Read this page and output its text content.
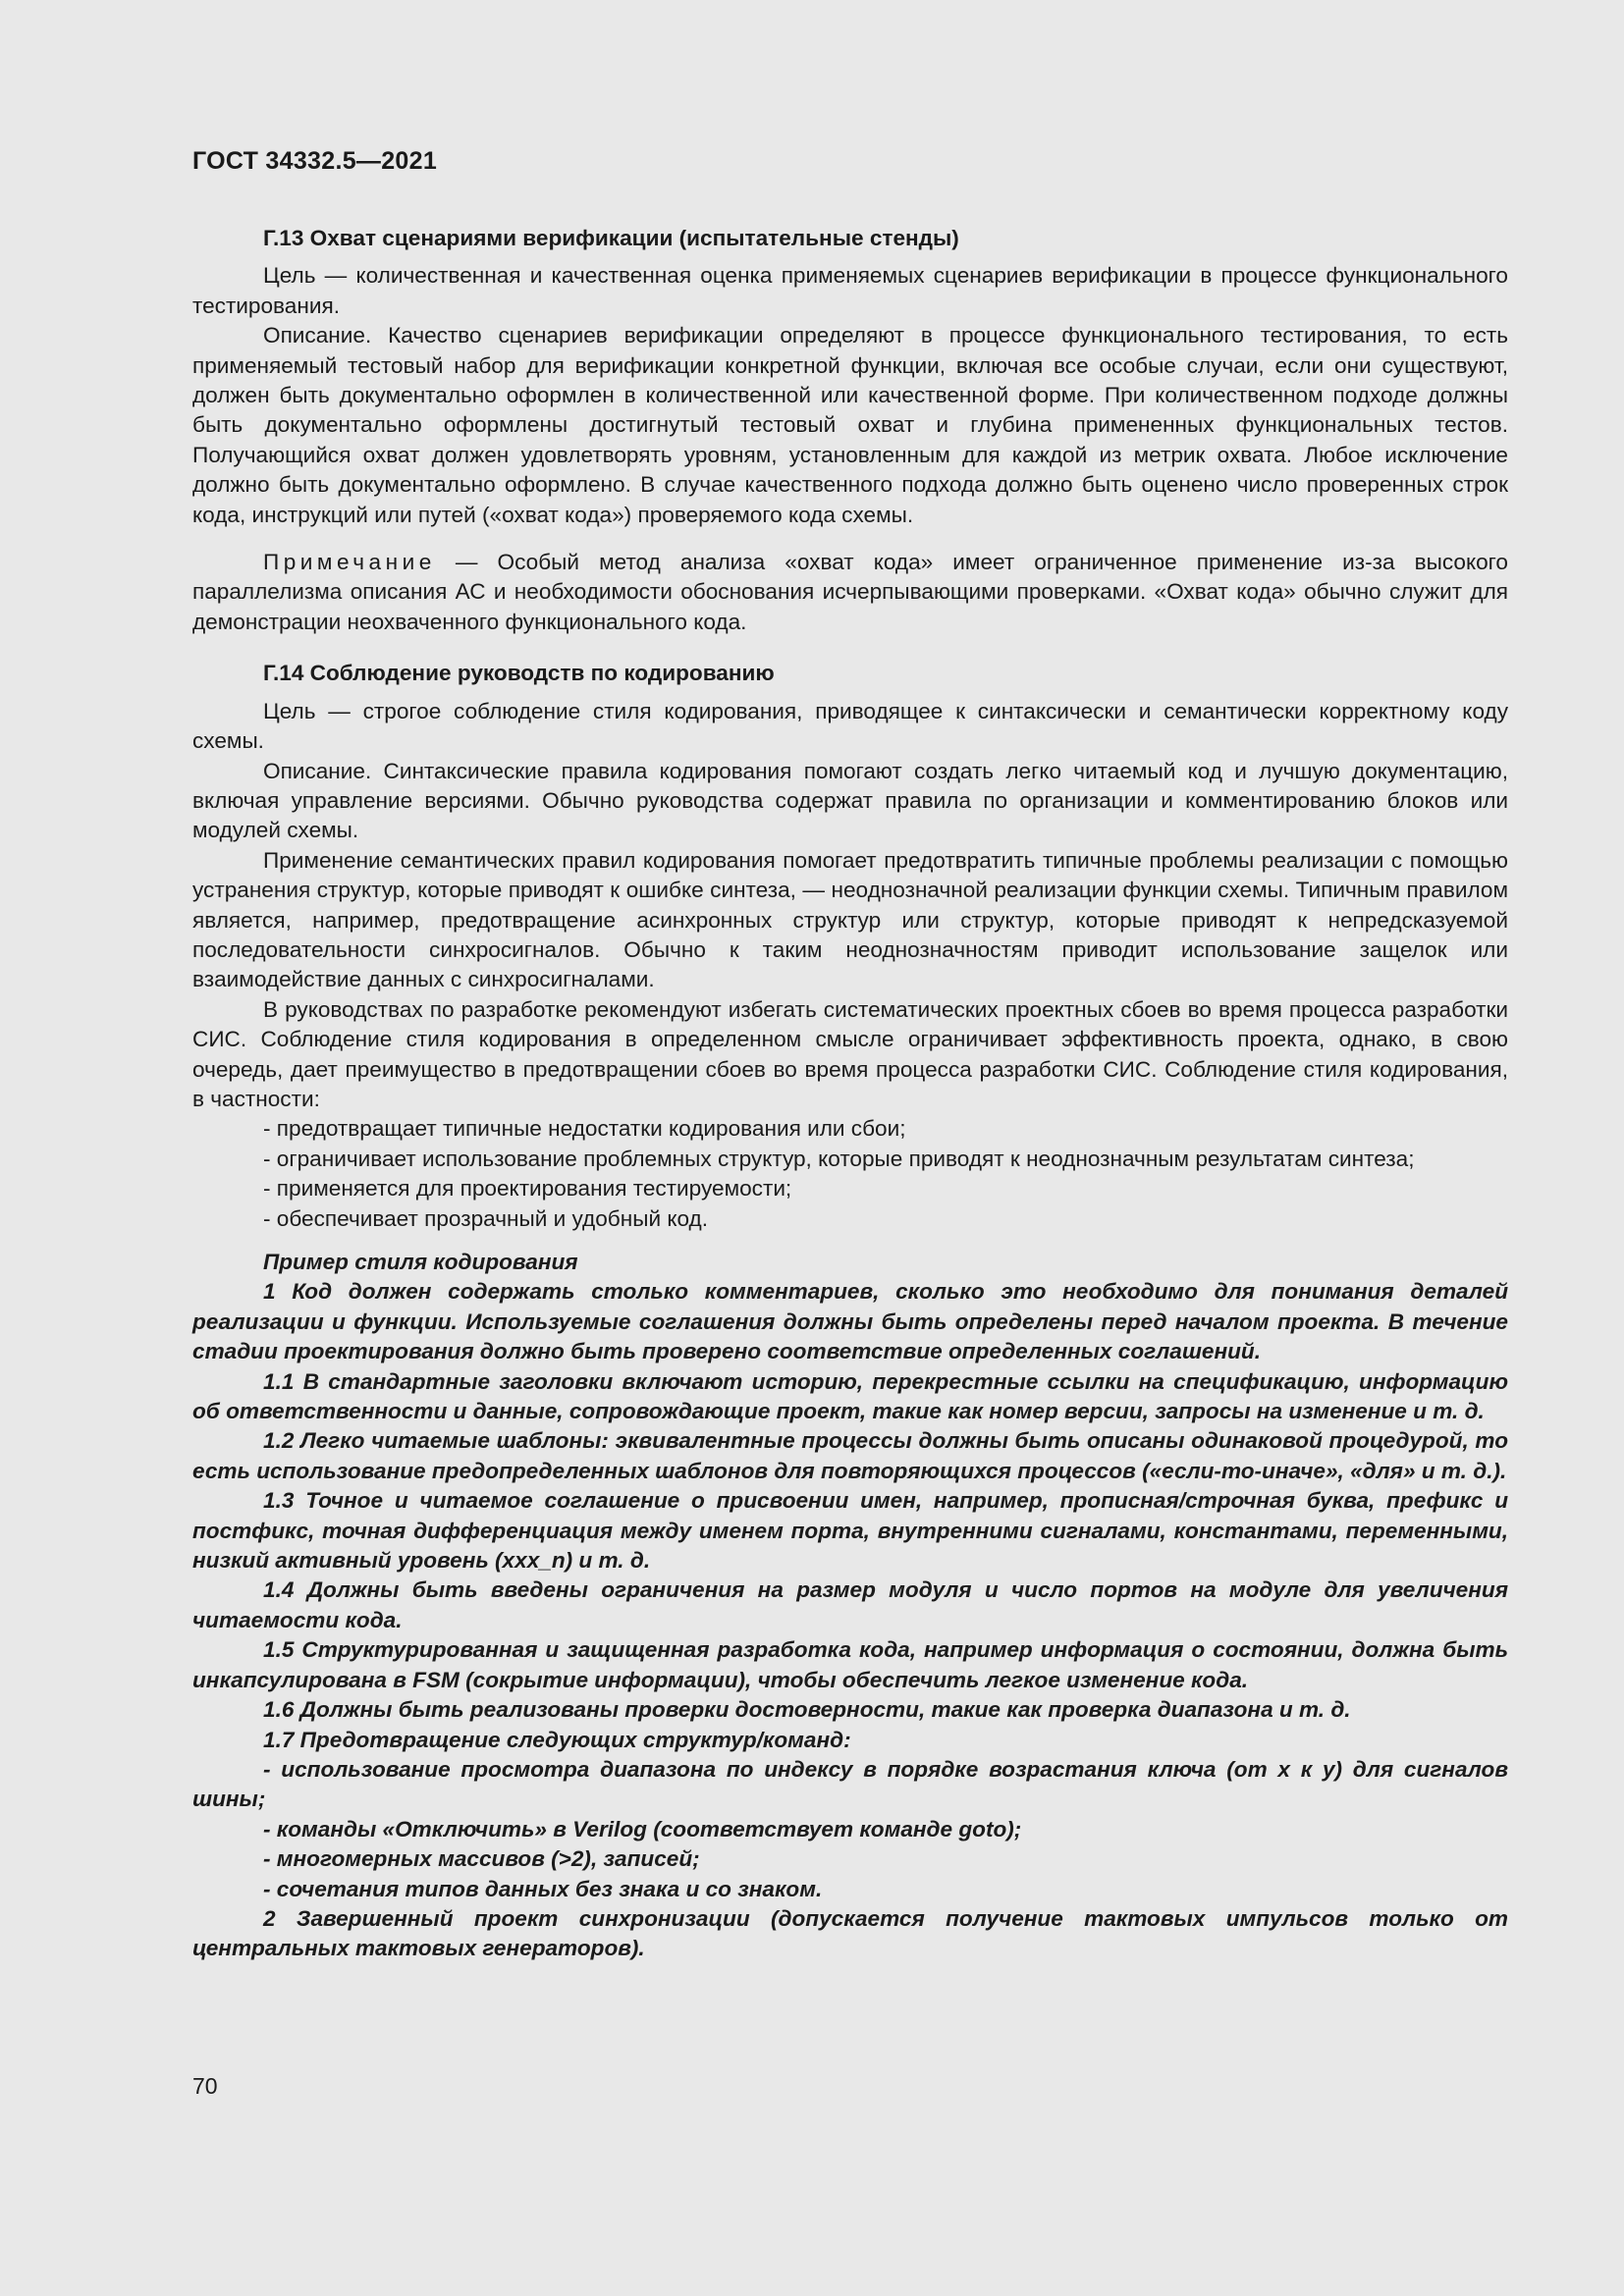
ГОСТ 34332.5—2021

Г.13 Охват сценариями верификации (испытательные стенды)

Цель — количественная и качественная оценка применяемых сценариев верификации в процессе функционального тестирования.

Описание. Качество сценариев верификации определяют в процессе функционального тестирования, то есть применяемый тестовый набор для верификации конкретной функции, включая все особые случаи, если они существуют, должен быть документально оформлен в количественной или качественной форме. При количественном подходе должны быть документально оформлены достигнутый тестовый охват и глубина примененных функциональных тестов. Получающийся охват должен удовлетворять уровням, установленным для каждой из метрик охвата. Любое исключение должно быть документально оформлено. В случае качественного подхода должно быть оценено число проверенных строк кода, инструкций или путей («охват кода») проверяемого кода схемы.

Примечание — Особый метод анализа «охват кода» имеет ограниченное применение из-за высокого параллелизма описания АС и необходимости обоснования исчерпывающими проверками. «Охват кода» обычно служит для демонстрации неохваченного функционального кода.

Г.14 Соблюдение руководств по кодированию

Цель — строгое соблюдение стиля кодирования, приводящее к синтаксически и семантически корректному коду схемы.

Описание. Синтаксические правила кодирования помогают создать легко читаемый код и лучшую документацию, включая управление версиями. Обычно руководства содержат правила по организации и комментированию блоков или модулей схемы.

Применение семантических правил кодирования помогает предотвратить типичные проблемы реализации с помощью устранения структур, которые приводят к ошибке синтеза, — неоднозначной реализации функции схемы. Типичным правилом является, например, предотвращение асинхронных структур или структур, которые приводят к непредсказуемой последовательности синхросигналов. Обычно к таким неоднозначностям приводит использование защелок или взаимодействие данных с синхросигналами.

В руководствах по разработке рекомендуют избегать систематических проектных сбоев во время процесса разработки СИС. Соблюдение стиля кодирования в определенном смысле ограничивает эффективность проекта, однако, в свою очередь, дает преимущество в предотвращении сбоев во время процесса разработки СИС. Соблюдение стиля кодирования, в частности:

- предотвращает типичные недостатки кодирования или сбои;

- ограничивает использование проблемных структур, которые приводят к неоднозначным результатам синтеза;

- применяется для проектирования тестируемости;

- обеспечивает прозрачный и удобный код.

Пример стиля кодирования

1 Код должен содержать столько комментариев, сколько это необходимо для понимания деталей реализации и функции. Используемые соглашения должны быть определены перед началом проекта. В течение стадии проектирования должно быть проверено соответствие определенных соглашений.

1.1 В стандартные заголовки включают историю, перекрестные ссылки на спецификацию, информацию об ответственности и данные, сопровождающие проект, такие как номер версии, запросы на изменение и т. д.

1.2 Легко читаемые шаблоны: эквивалентные процессы должны быть описаны одинаковой процедурой, то есть использование предопределенных шаблонов для повторяющихся процессов («если-то-иначе», «для» и т. д.).

1.3 Точное и читаемое соглашение о присвоении имен, например, прописная/строчная буква, префикс и постфикс, точная дифференциация между именем порта, внутренними сигналами, константами, переменными, низкий активный уровень (xxx_n) и т. д.

1.4 Должны быть введены ограничения на размер модуля и число портов на модуле для увеличения читаемости кода.

1.5 Структурированная и защищенная разработка кода, например информация о состоянии, должна быть инкапсулирована в FSM (сокрытие информации), чтобы обеспечить легкое изменение кода.

1.6 Должны быть реализованы проверки достоверности, такие как проверка диапазона и т. д.

1.7 Предотвращение следующих структур/команд:

- использование просмотра диапазона по индексу в порядке возрастания ключа (от х к у) для сигналов шины;

- команды «Отключить» в Verilog (соответствует команде goto);

- многомерных массивов (>2), записей;

- сочетания типов данных без знака и со знаком.

2 Завершенный проект синхронизации (допускается получение тактовых импульсов только от центральных тактовых генераторов).

70
